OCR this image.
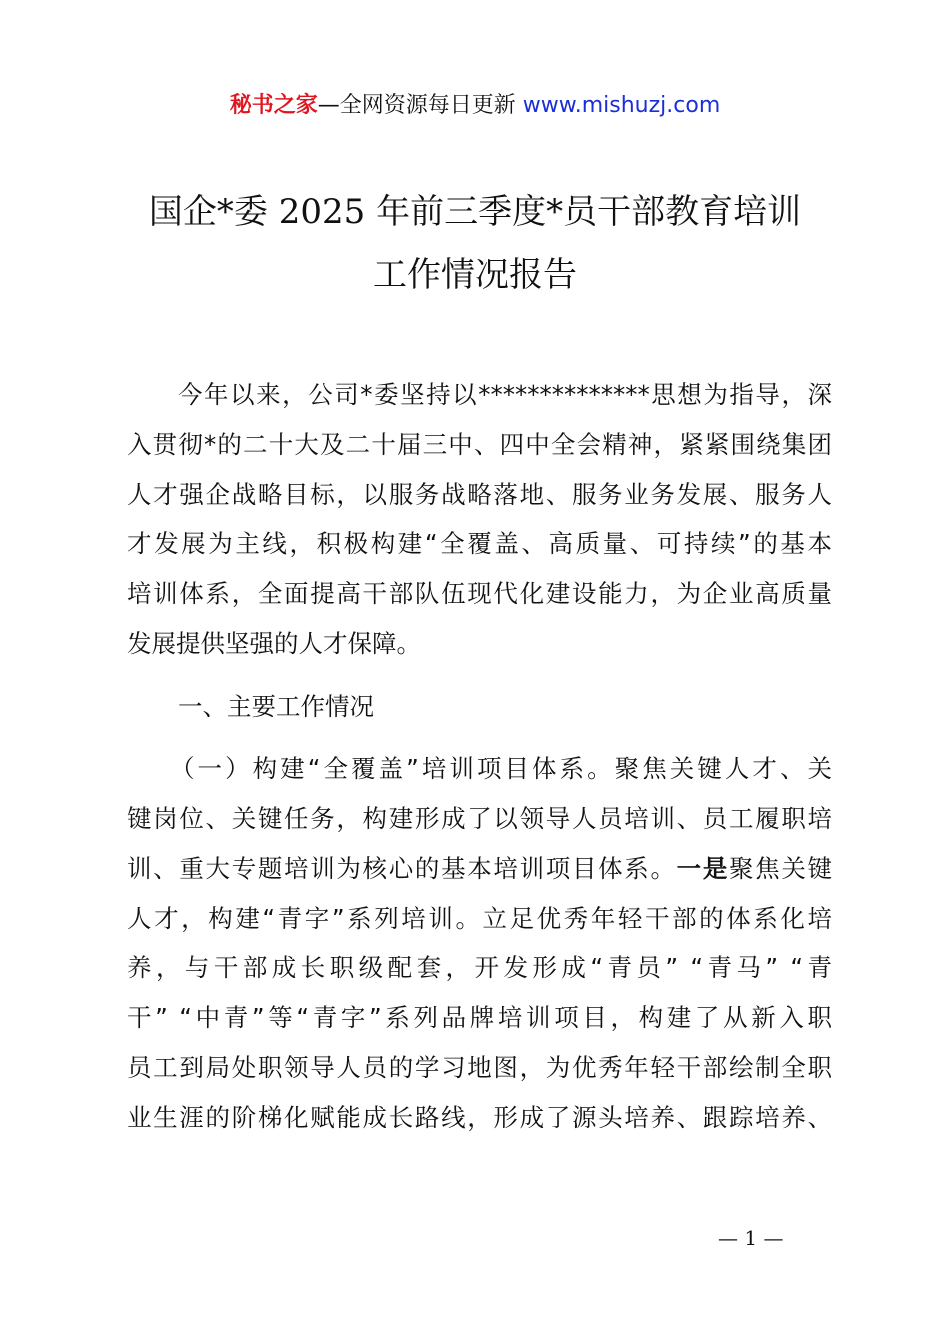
秘书之家—全网资源每日更新 www.mishuzj.com
国企*委 2025 年前三季度*员干部教育培训
工作情况报告
今年以来，公司*委坚持以**************思想为指导，深
入贯彻*的二十大及二十届三中、四中全会精神，紧紧围绕集团
人才强企战略目标，以服务战略落地、服务业务发展、服务人
才发展为主线，积极构建“全覆盖、高质量、可持续”的基本
培训体系，全面提高干部队伍现代化建设能力，为企业高质量
发展提供坚强的人才保障。
一、主要工作情况
（一）构建“全覆盖”培训项目体系。聚焦关键人才、关
键岗位、关键任务，构建形成了以领导人员培训、员工履职培
训、重大专题培训为核心的基本培训项目体系。一是聚焦关键
人才，构建“青字”系列培训。立足优秀年轻干部的体系化培
养，与干部成长职级配套，开发形成“青员” “青马” “青
干” “中青”等“青字”系列品牌培训项目，构建了从新入职
员工到局处职领导人员的学习地图，为优秀年轻干部绘制全职
业生涯的阶梯化赋能成长路线，形成了源头培养、跟踪培养、
— 1 —
